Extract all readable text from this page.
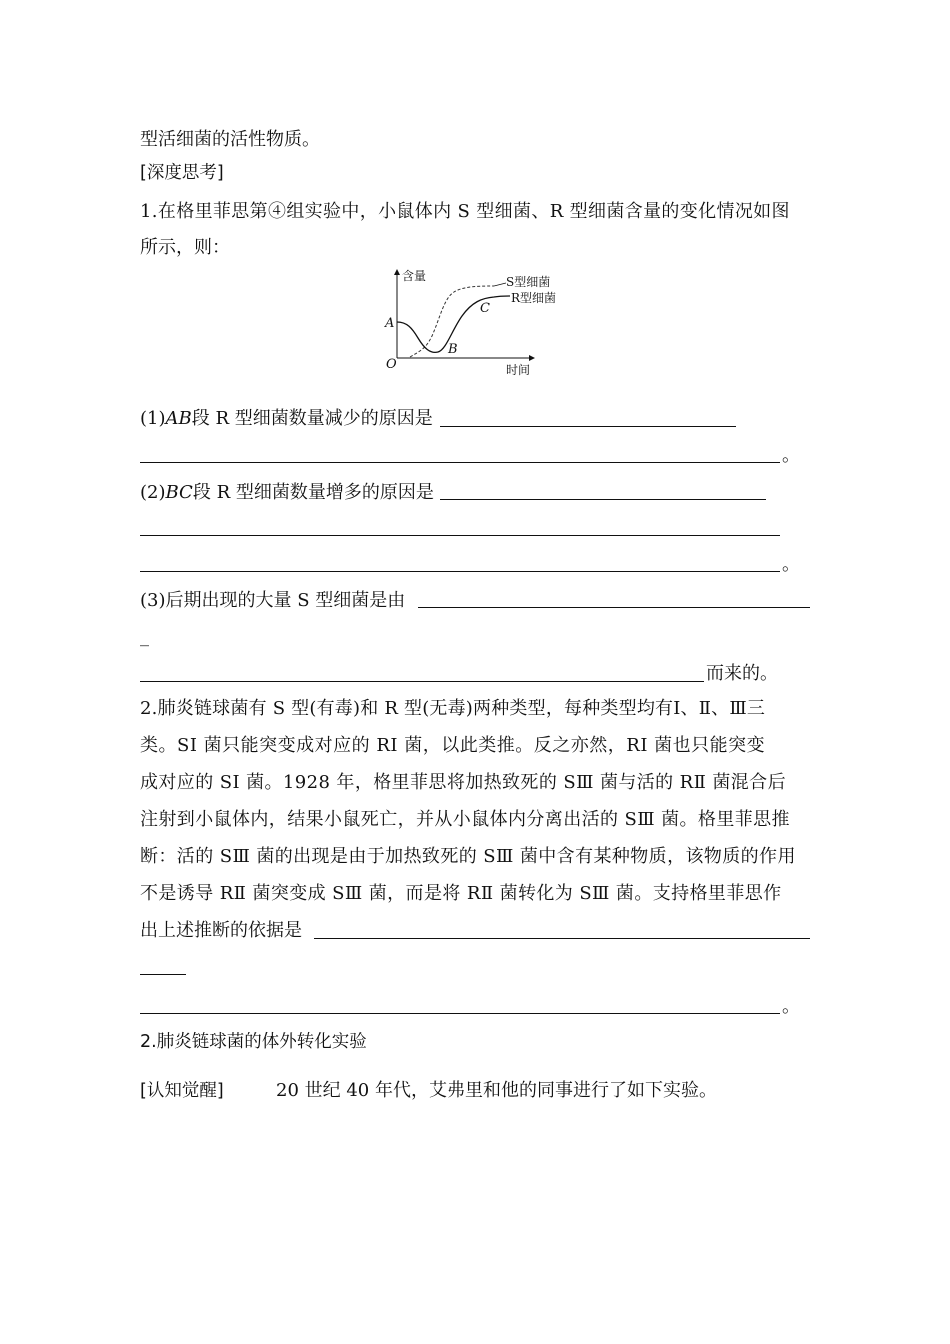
型活细菌的活性物质。
[深度思考]
1.在格里菲思第④组实验中，小鼠体内 S 型细菌、R 型细菌含量的变化情况如图
所示，则：
含量
时间
O
A
B
C
S型细菌
R型细菌
(1)AB段 R 型细菌数量减少的原因是
。
(2)BC段 R 型细菌数量增多的原因是
。
(3)后期出现的大量 S 型细菌是由
_
而来的。
2.肺炎链球菌有 S 型(有毒)和 R 型(无毒)两种类型，每种类型均有Ⅰ、Ⅱ、Ⅲ三
类。SⅠ 菌只能突变成对应的 RⅠ 菌，以此类推。反之亦然，RⅠ 菌也只能突变
成对应的 SⅠ 菌。1928 年，格里菲思将加热致死的 SⅢ 菌与活的 RⅡ 菌混合后
注射到小鼠体内，结果小鼠死亡，并从小鼠体内分离出活的 SⅢ 菌。格里菲思推
断：活的 SⅢ 菌的出现是由于加热致死的 SⅢ 菌中含有某种物质，该物质的作用
不是诱导 RⅡ 菌突变成 SⅢ 菌，而是将 RⅡ 菌转化为 SⅢ 菌。支持格里菲思作
出上述推断的依据是
。
2.肺炎链球菌的体外转化实验
[认知觉醒]	20 世纪 40 年代，艾弗里和他的同事进行了如下实验。
